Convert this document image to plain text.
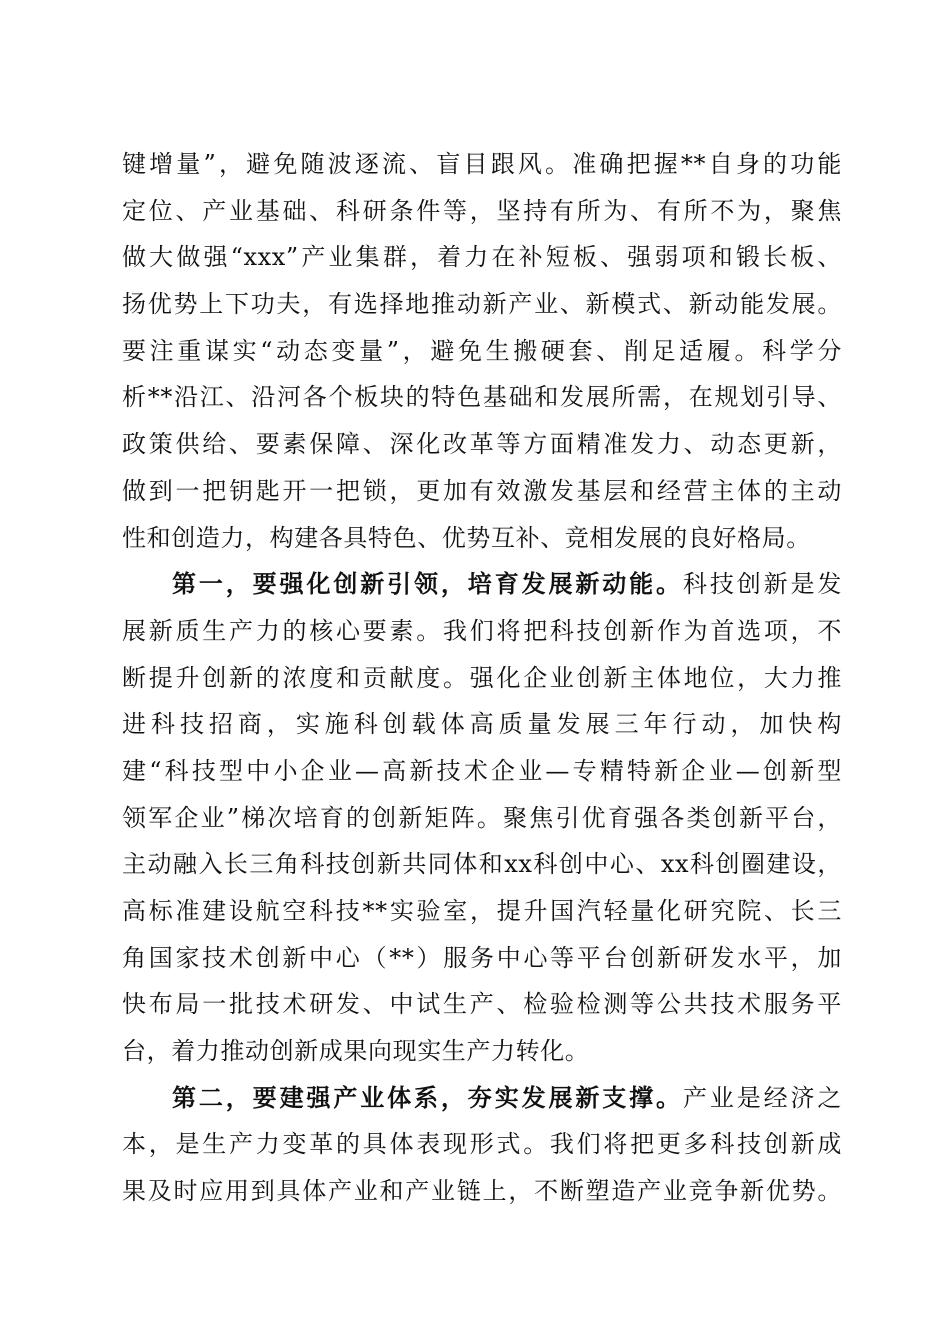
键增量”，避免随波逐流、盲目跟风。准确把握**自身的功能
定位、产业基础、科研条件等，坚持有所为、有所不为，聚焦
做大做强“xxx”产业集群，着力在补短板、强弱项和锻长板、
扬优势上下功夫，有选择地推动新产业、新模式、新动能发展。
要注重谋实“动态变量”，避免生搬硬套、削足适履。科学分
析**沿江、沿河各个板块的特色基础和发展所需，在规划引导、
政策供给、要素保障、深化改革等方面精准发力、动态更新，
做到一把钥匙开一把锁，更加有效激发基层和经营主体的主动
性和创造力，构建各具特色、优势互补、竞相发展的良好格局。
第一，要强化创新引领，培育发展新动能。科技创新是发
展新质生产力的核心要素。我们将把科技创新作为首选项，不
断提升创新的浓度和贡献度。强化企业创新主体地位，大力推
进科技招商，实施科创载体高质量发展三年行动，加快构
建“科技型中小企业—高新技术企业—专精特新企业—创新型
领军企业”梯次培育的创新矩阵。聚焦引优育强各类创新平台，
主动融入长三角科技创新共同体和xx科创中心、xx科创圈建设，
高标准建设航空科技**实验室，提升国汽轻量化研究院、长三
角国家技术创新中心（**）服务中心等平台创新研发水平，加
快布局一批技术研发、中试生产、检验检测等公共技术服务平
台，着力推动创新成果向现实生产力转化。
第二，要建强产业体系，夯实发展新支撑。产业是经济之
本，是生产力变革的具体表现形式。我们将把更多科技创新成
果及时应用到具体产业和产业链上，不断塑造产业竞争新优势。
